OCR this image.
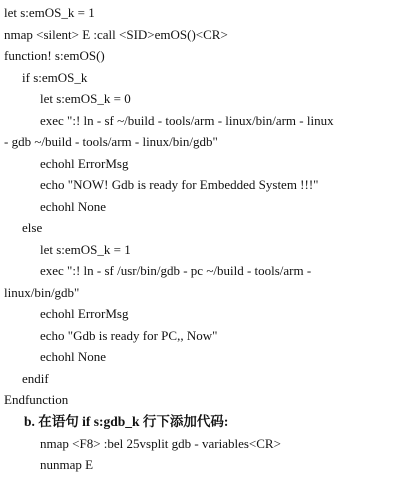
let s:emOS_k = 1
nmap <silent> E :call <SID>emOS()<CR>
function! s:emOS()
if s:emOS_k
let s:emOS_k = 0
exec ":! ln - sf ~/build - tools/arm - linux/bin/arm - linux
- gdb ~/build - tools/arm - linux/bin/gdb"
echohl ErrorMsg
echo "NOW! Gdb is ready for Embedded System !!!"
echohl None
else
let s:emOS_k = 1
exec ":! ln - sf /usr/bin/gdb - pc ~/build - tools/arm -
linux/bin/gdb"
echohl ErrorMsg
echo "Gdb is ready for PC,, Now"
echohl None
endif
Endfunction
b. 在语句 if s:gdb_k 行下添加代码:
nmap <F8> :bel 25vsplit gdb - variables<CR>
nunmap E
